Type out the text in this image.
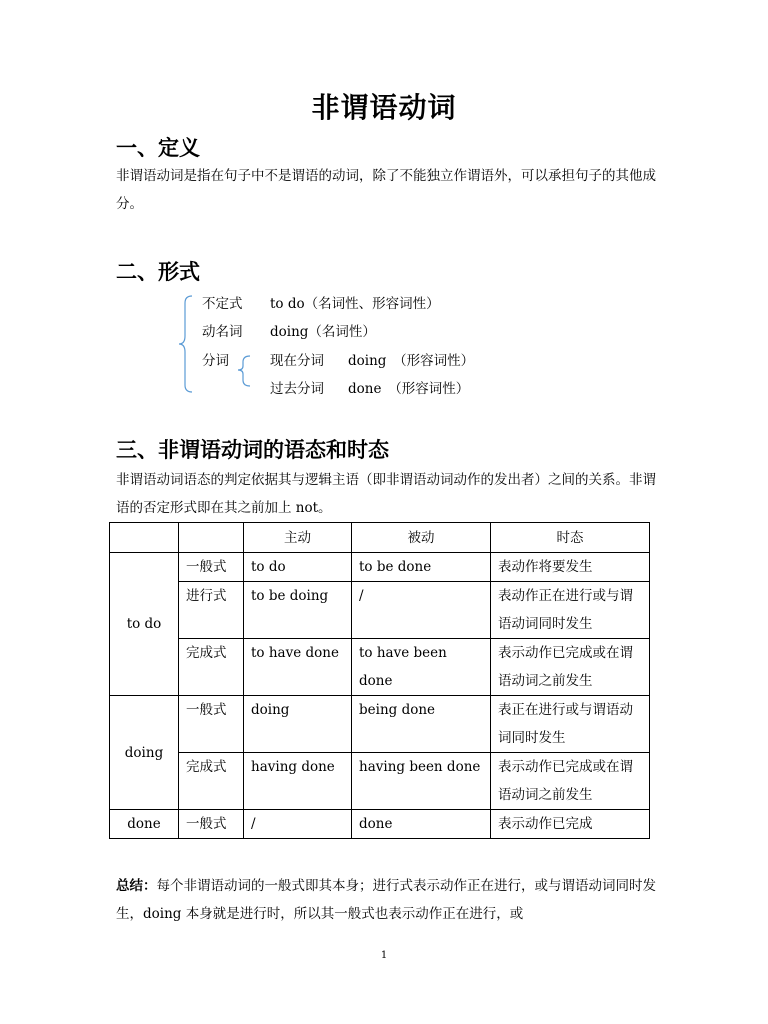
非谓语动词
一、定义
非谓语动词是指在句子中不是谓语的动词，除了不能独立作谓语外，可以承担句子的其他成分。
二、形式
不定式 to do（名词性、形容词性）
动名词 doing（名词性）
分词	现在分词 doing　（形容词性）
过去分词 done　（形容词性）
三、非谓语动词的语态和时态
非谓语动词语态的判定依据其与逻辑主语（即非谓语动词动作的发出者）之间的关系。非谓语的否定形式即在其之前加上 not。
		主动	被动	时态
to do	一般式	to do	to be done	表动作将要发生
	进行式	to be doing	/	表动作正在进行或与谓语动词同时发生
	完成式	to have done	to have been done	表示动作已完成或在谓语动词之前发生
doing	一般式	doing	being done	表正在进行或与谓语动词同时发生
	完成式	having done	having been done	表示动作已完成或在谓语动词之前发生
done	一般式	/	done	表示动作已完成
总结：每个非谓语动词的一般式即其本身；进行式表示动作正在进行，或与谓语动词同时发生，doing 本身就是进行时，所以其一般式也表示动作正在进行，或
1
